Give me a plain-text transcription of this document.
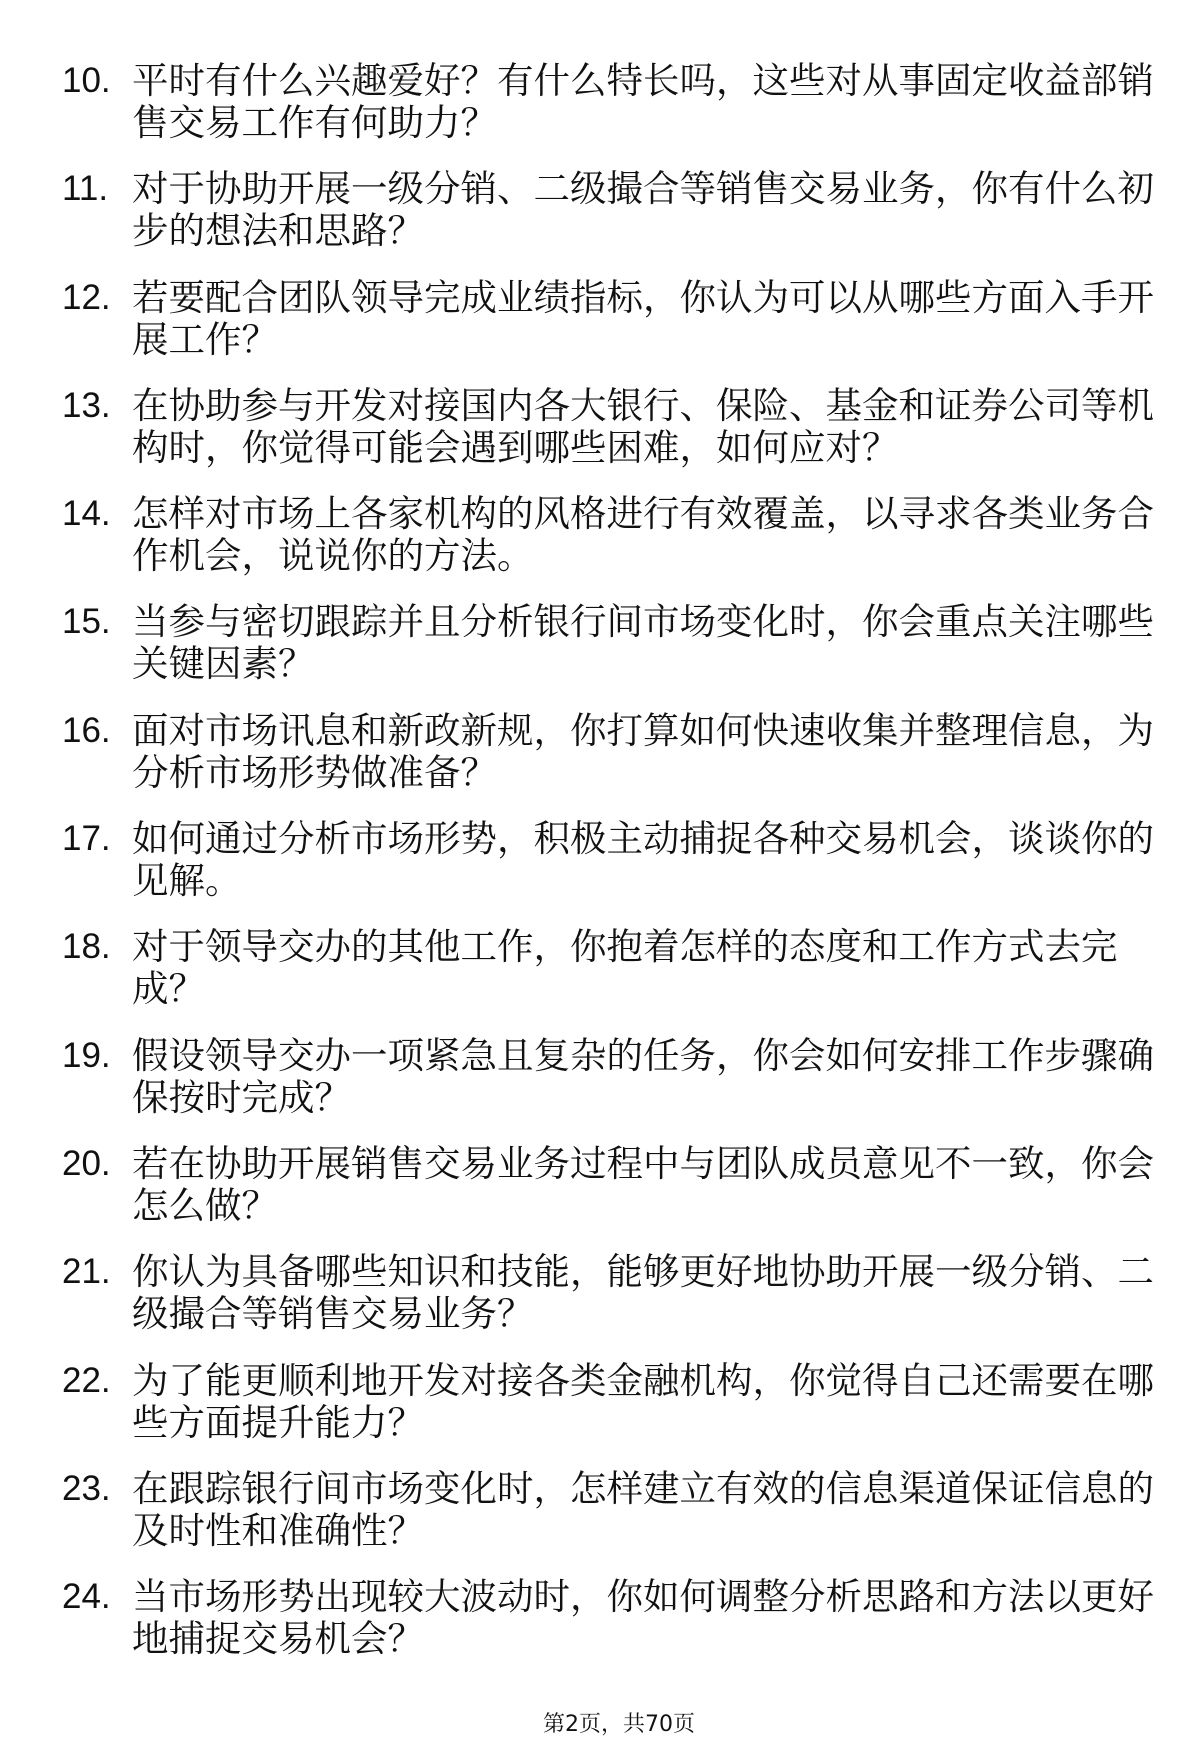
10. 平时有什么兴趣爱好？有什么特长吗，这些对从事固定收益部销售交易工作有何助力？
11. 对于协助开展一级分销、二级撮合等销售交易业务，你有什么初步的想法和思路？
12. 若要配合团队领导完成业绩指标，你认为可以从哪些方面入手开展工作？
13. 在协助参与开发对接国内各大银行、保险、基金和证券公司等机构时，你觉得可能会遇到哪些困难，如何应对？
14. 怎样对市场上各家机构的风格进行有效覆盖，以寻求各类业务合作机会，说说你的方法。
15. 当参与密切跟踪并且分析银行间市场变化时，你会重点关注哪些关键因素？
16. 面对市场讯息和新政新规，你打算如何快速收集并整理信息，为分析市场形势做准备？
17. 如何通过分析市场形势，积极主动捕捉各种交易机会，谈谈你的见解。
18. 对于领导交办的其他工作，你抱着怎样的态度和工作方式去完成？
19. 假设领导交办一项紧急且复杂的任务，你会如何安排工作步骤确保按时完成？
20. 若在协助开展销售交易业务过程中与团队成员意见不一致，你会怎么做？
21. 你认为具备哪些知识和技能，能够更好地协助开展一级分销、二级撮合等销售交易业务？
22. 为了能更顺利地开发对接各类金融机构，你觉得自己还需要在哪些方面提升能力？
23. 在跟踪银行间市场变化时，怎样建立有效的信息渠道保证信息的及时性和准确性？
24. 当市场形势出现较大波动时，你如何调整分析思路和方法以更好地捕捉交易机会？
第2页，共70页
